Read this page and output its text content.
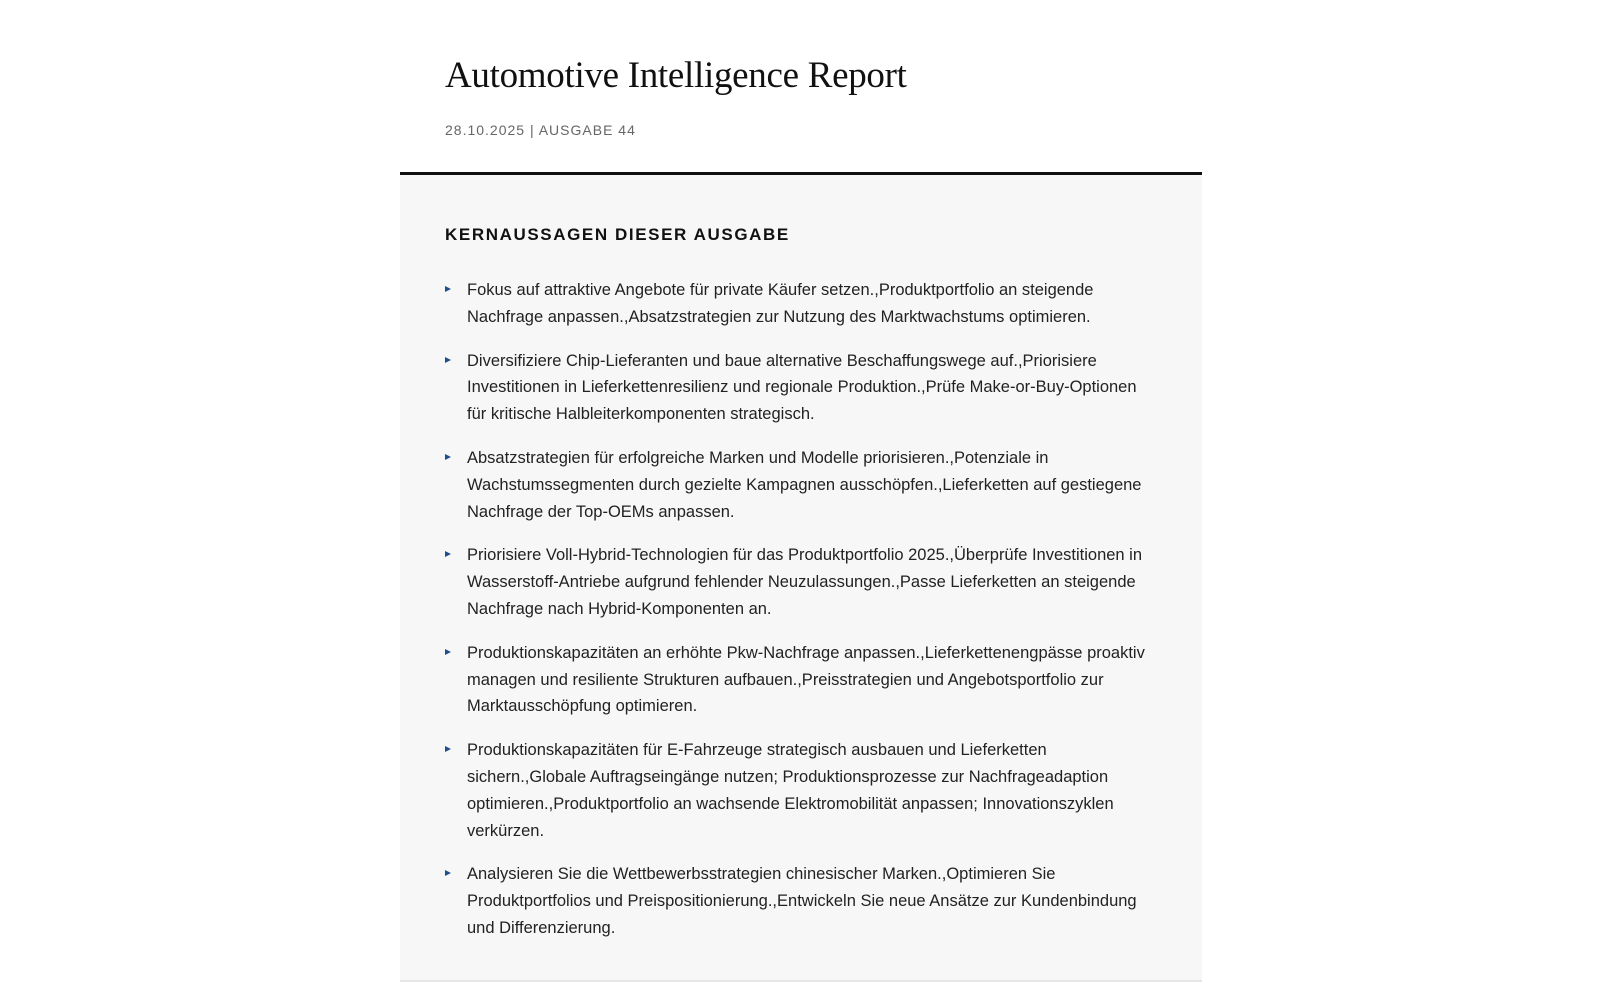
Automotive Intelligence Report
28.10.2025 | AUSGABE 44
KERNAUSSAGEN DIESER AUSGABE
Fokus auf attraktive Angebote für private Käufer setzen.,Produktportfolio an steigende Nachfrage anpassen.,Absatzstrategien zur Nutzung des Marktwachstums optimieren.
Diversifiziere Chip-Lieferanten und baue alternative Beschaffungswege auf.,Priorisiere Investitionen in Lieferkettenresilienz und regionale Produktion.,Prüfe Make-or-Buy-Optionen für kritische Halbleiterkomponenten strategisch.
Absatzstrategien für erfolgreiche Marken und Modelle priorisieren.,Potenziale in Wachstumssegmenten durch gezielte Kampagnen ausschöpfen.,Lieferketten auf gestiegene Nachfrage der Top-OEMs anpassen.
Priorisiere Voll-Hybrid-Technologien für das Produktportfolio 2025.,Überprüfe Investitionen in Wasserstoff-Antriebe aufgrund fehlender Neuzulassungen.,Passe Lieferketten an steigende Nachfrage nach Hybrid-Komponenten an.
Produktionskapazitäten an erhöhte Pkw-Nachfrage anpassen.,Lieferkettenengpässe proaktiv managen und resiliente Strukturen aufbauen.,Preisstrategien und Angebotsportfolio zur Marktausschöpfung optimieren.
Produktionskapazitäten für E-Fahrzeuge strategisch ausbauen und Lieferketten sichern.,Globale Auftragseingänge nutzen; Produktionsprozesse zur Nachfrageadaption optimieren.,Produktportfolio an wachsende Elektromobilität anpassen; Innovationszyklen verkürzen.
Analysieren Sie die Wettbewerbsstrategien chinesischer Marken.,Optimieren Sie Produktportfolios und Preispositionierung.,Entwickeln Sie neue Ansätze zur Kundenbindung und Differenzierung.
